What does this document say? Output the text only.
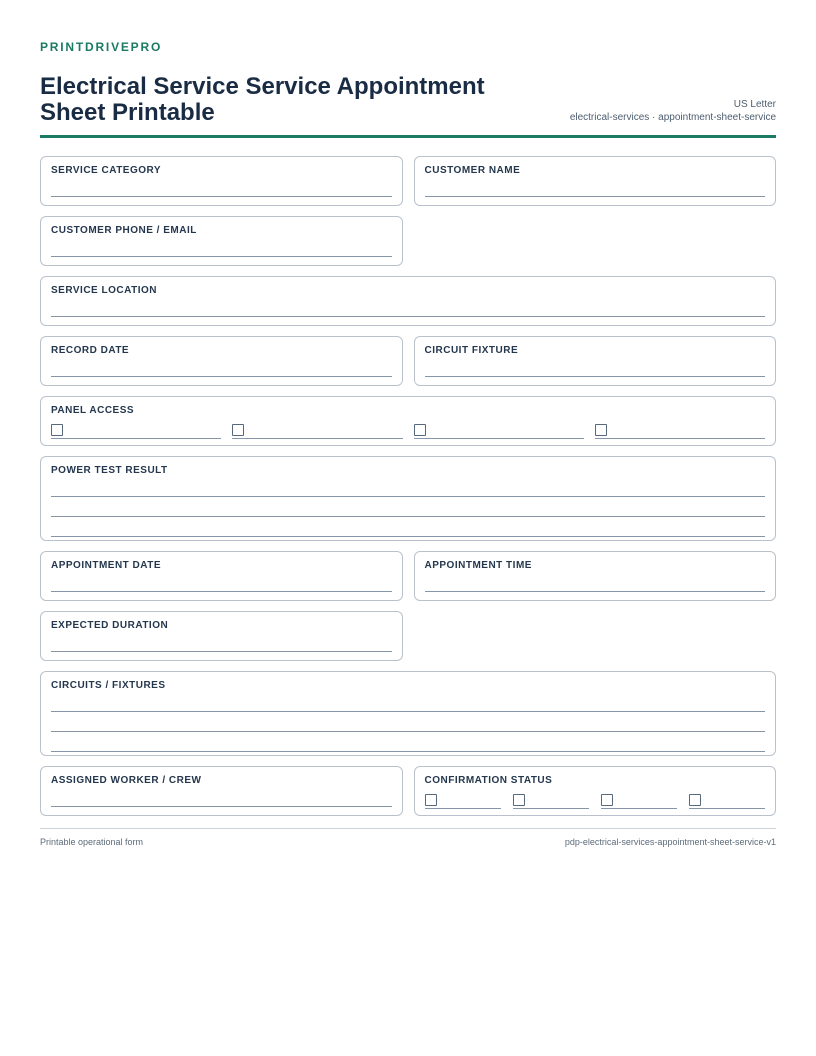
PRINTDRIVEPRO
Electrical Service Service Appointment Sheet Printable	US Letter
electrical-services · appointment-sheet-service
SERVICE CATEGORY	CUSTOMER NAME
CUSTOMER PHONE / EMAIL
SERVICE LOCATION
RECORD DATE	CIRCUIT FIXTURE
PANEL ACCESS
POWER TEST RESULT
APPOINTMENT DATE	APPOINTMENT TIME
EXPECTED DURATION
CIRCUITS / FIXTURES
ASSIGNED WORKER / CREW	CONFIRMATION STATUS
Printable operational form	pdp-electrical-services-appointment-sheet-service-v1
